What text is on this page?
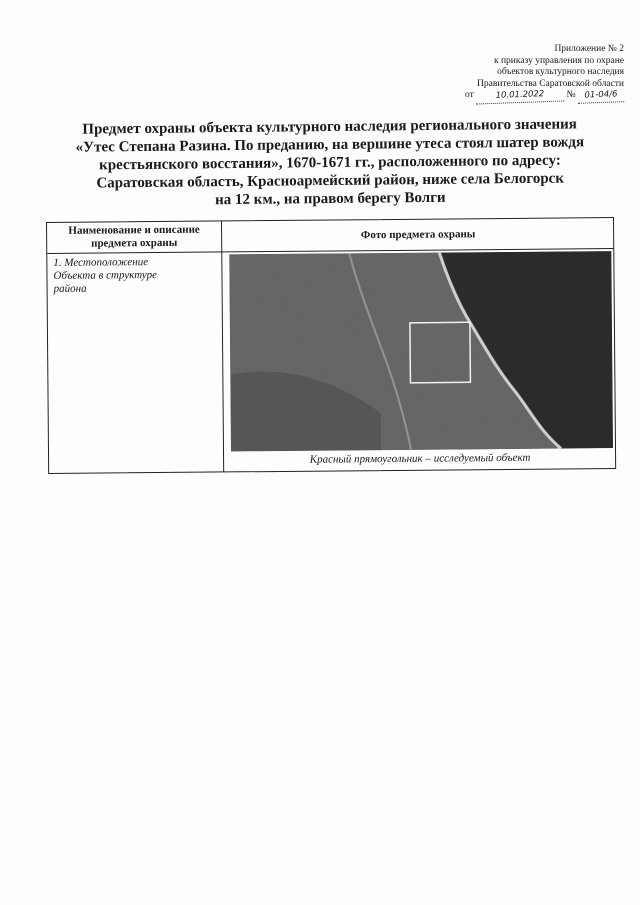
Приложение № 2
к приказу управления по охране
объектов культурного наследия
Правительства Саратовской области
от	10.01.2022 № 01-04/6
Предмет охраны объекта культурного наследия регионального значения
«Утес Степана Разина. По преданию, на вершине утеса стоял шатер вождя
крестьянского восстания», 1670-1671 гг., расположенного по адресу:
Саратовская область, Красноармейский район, ниже села Белогорск
на 12 км., на правом берегу Волги
Наименование и описание
предмета охраны
Фото предмета охраны
1. Местоположение
Объекта в структуре
района
Красный прямоугольник – исследуемый объект
